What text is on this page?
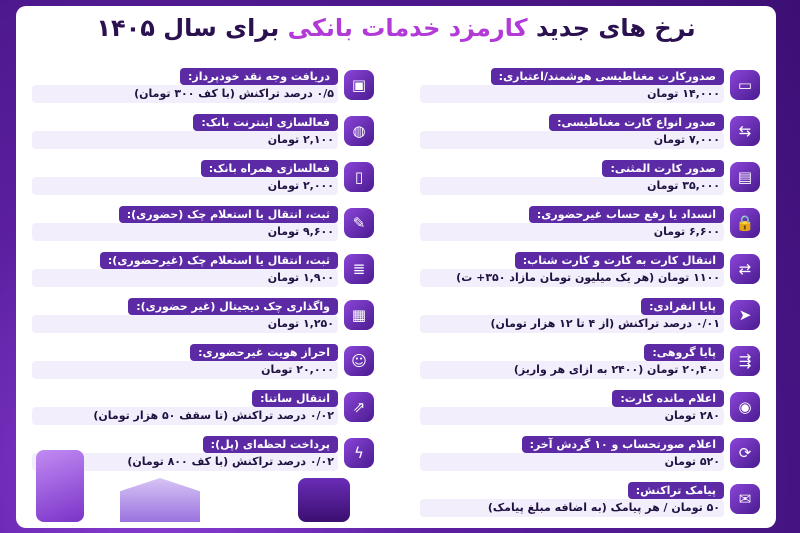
نرخ های جدید کارمزد خدمات بانکی برای سال ۱۴۰۵
▭
صدورکارت مغناطیسی هوشمند/اعتباری:
۱۴,۰۰۰ تومان
⇆
صدور انواع کارت مغناطیسی:
۷,۰۰۰ تومان
▤
صدور کارت المثنی:
۳۵,۰۰۰ تومان
🔒
انسداد یا رفع حساب غیرحضوری:
۶,۶۰۰ تومان
⇄
انتقال کارت به کارت و کارت شتاب:
۱۱۰۰ تومان (هر یک میلیون تومان مازاد ۳۵۰+ ت)
➤
پایا انفرادی:
۰/۰۱ درصد تراکنش (از ۴ تا ۱۲ هزار تومان)
⇶
پایا گروهی:
۲۰,۴۰۰ تومان (۲۴۰۰ به ازای هر واریز)
◉
اعلام مانده کارت:
۲۸۰ تومان
⟳
اعلام صورتحساب و ۱۰ گردش آخر:
۵۲۰ تومان
✉
پیامک تراکنش:
۵۰ تومان / هر پیامک (به اضافه مبلغ پیامک)
▣
دریافت وجه نقد خودپرداز:
۰/۵ درصد تراکنش (با کف ۳۰۰ تومان)
◍
فعالسازی اینترنت بانک:
۲,۱۰۰ تومان
▯
فعالسازی همراه بانک:
۲,۰۰۰ تومان
✎
ثبت، انتقال یا استعلام چک (حضوری):
۹,۶۰۰ تومان
≣
ثبت، انتقال یا استعلام چک (غیرحضوری):
۱,۹۰۰ تومان
▦
واگذاری چک دیجیتال (غیر حضوری):
۱,۲۵۰ تومان
☺
احراز هویت غیرحضوری:
۲۰,۰۰۰ تومان
⇗
انتقال ساتنا:
۰/۰۲ درصد تراکنش (تا سقف ۵۰ هزار تومان)
ϟ
پرداخت لحظه‌ای (پل):
۰/۰۲ درصد تراکنش (با کف ۸۰۰ تومان)
